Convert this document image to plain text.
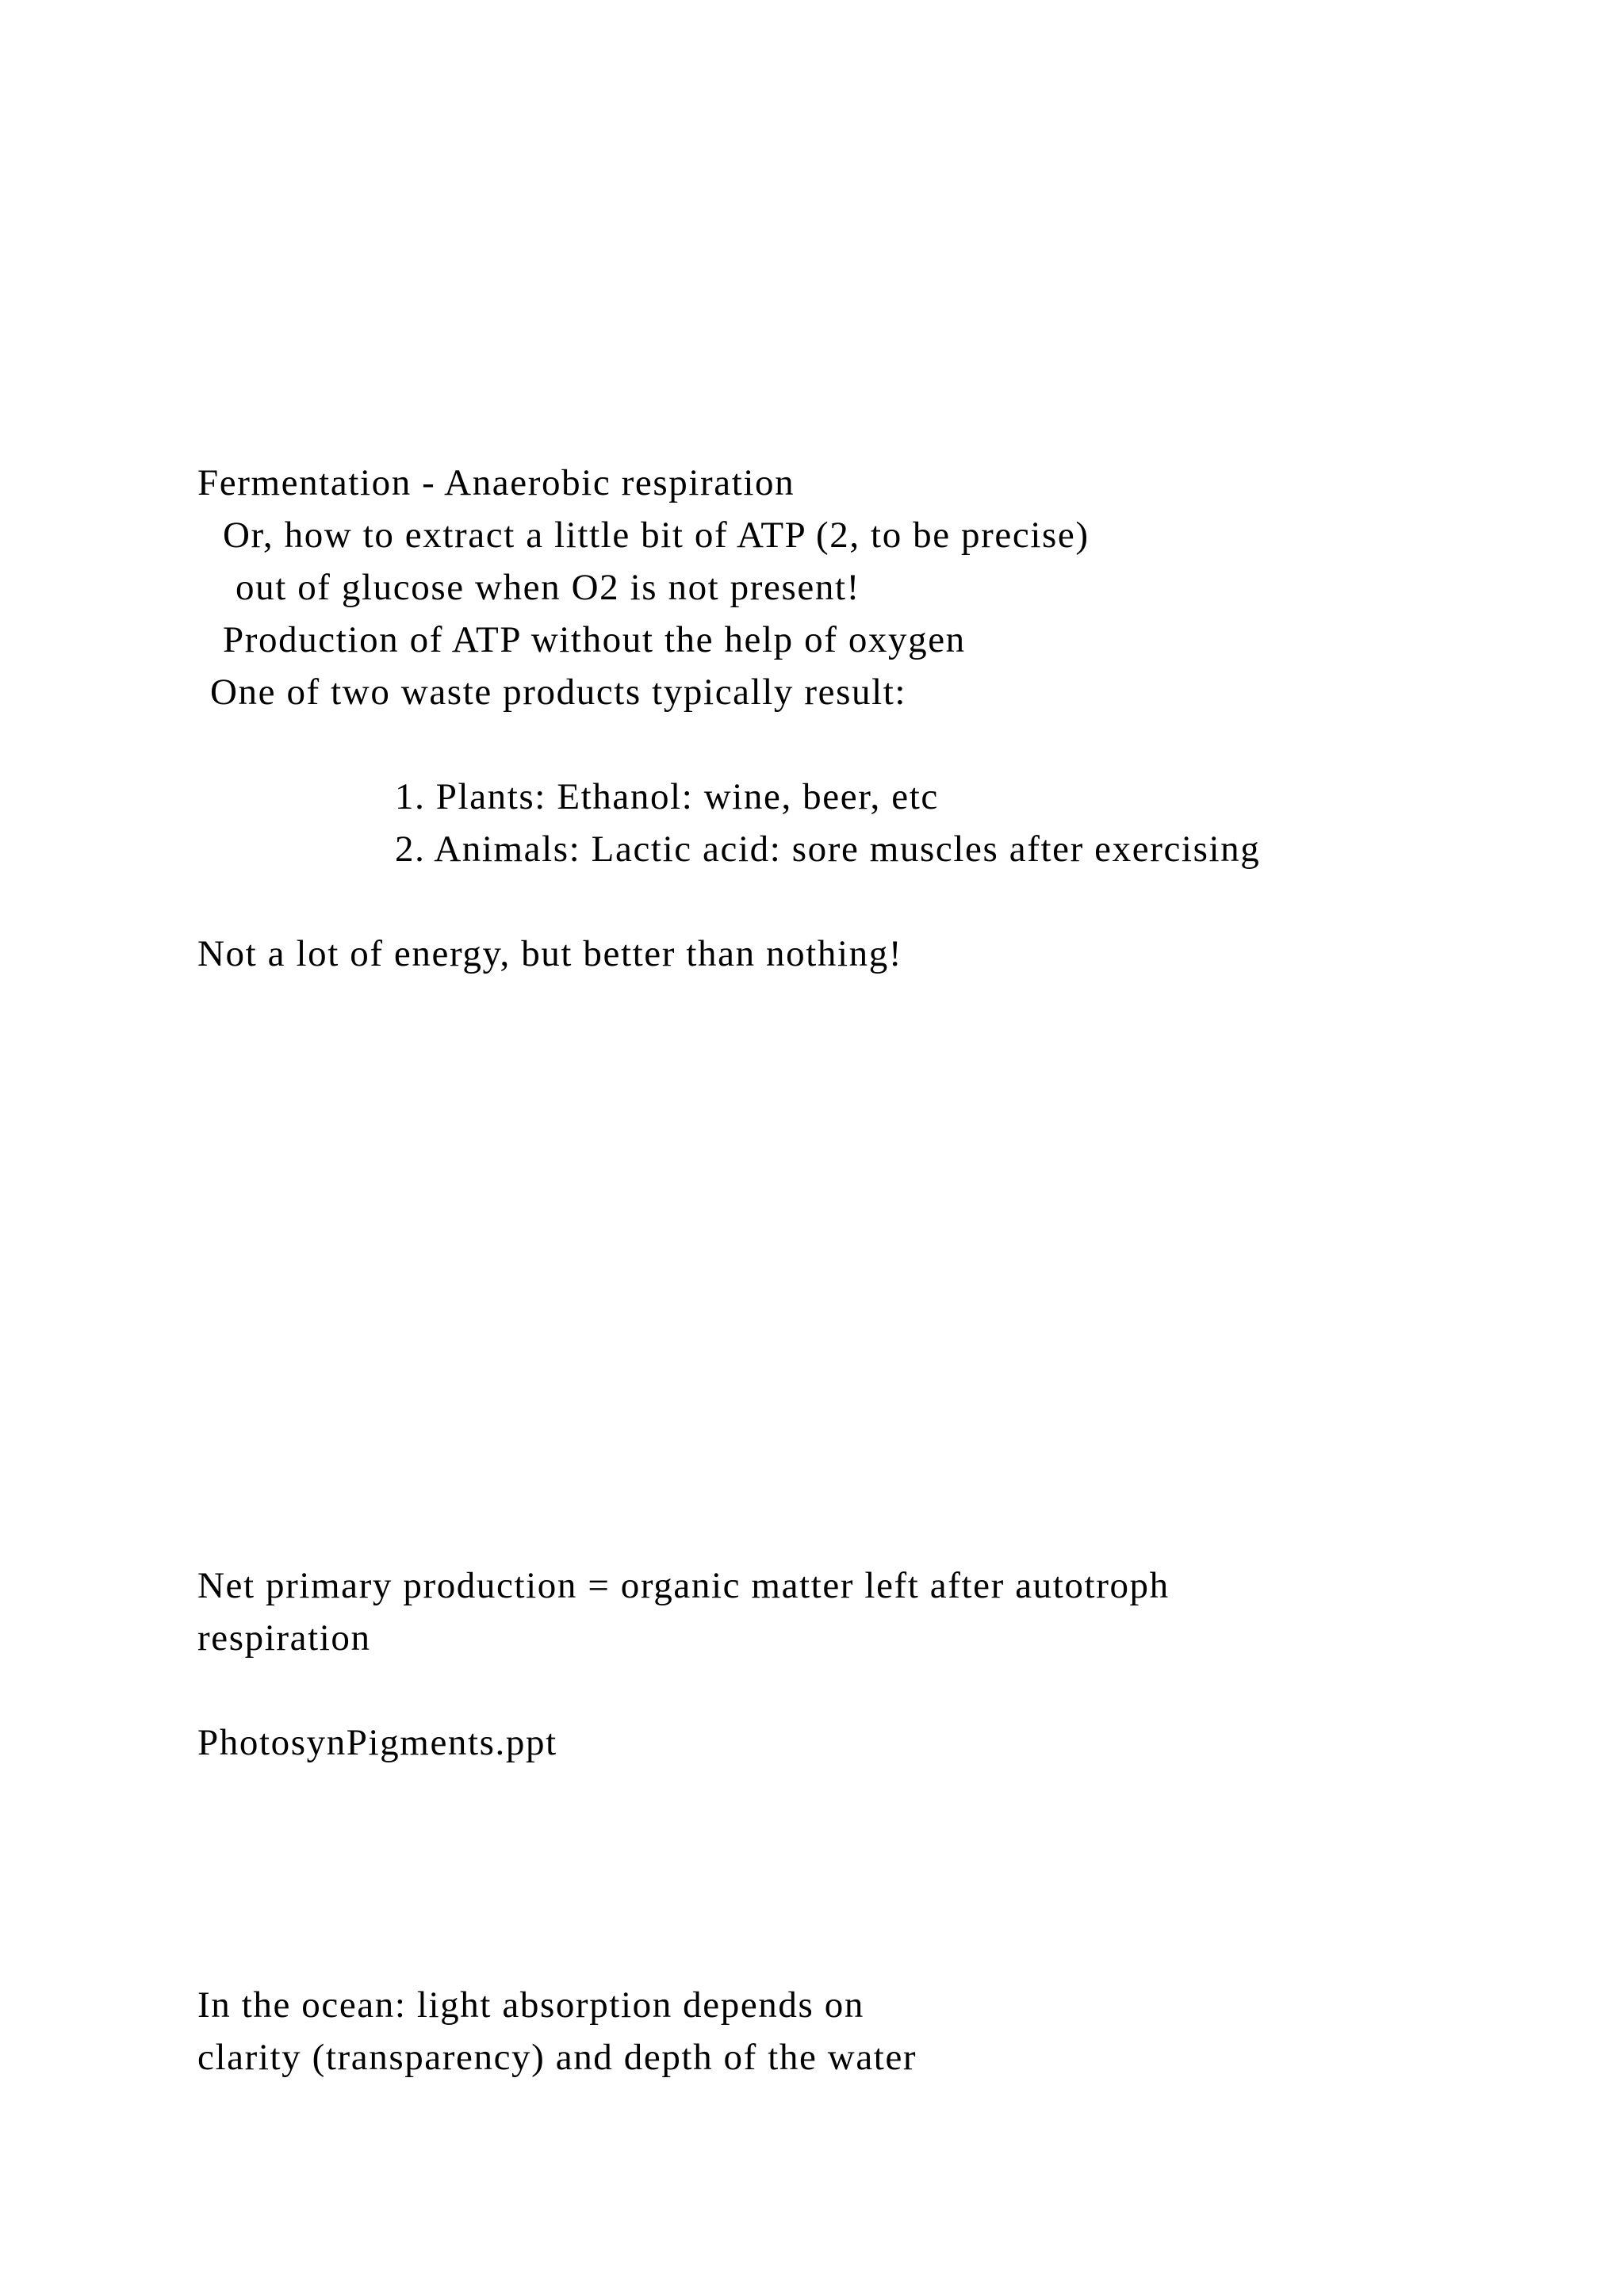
Fermentation - Anaerobic respiration

Or, how to extract a little bit of ATP (2, to be precise)

out of glucose when O2 is not present!

Production of ATP without the help of oxygen

One of two waste products typically result:

1. Plants: Ethanol: wine, beer, etc

2. Animals: Lactic acid: sore muscles after exercising

Not a lot of energy, but better than nothing!

Net primary production = organic matter left after autotroph

respiration

PhotosynPigments.ppt

In the ocean: light absorption depends on

clarity (transparency) and depth of the water
